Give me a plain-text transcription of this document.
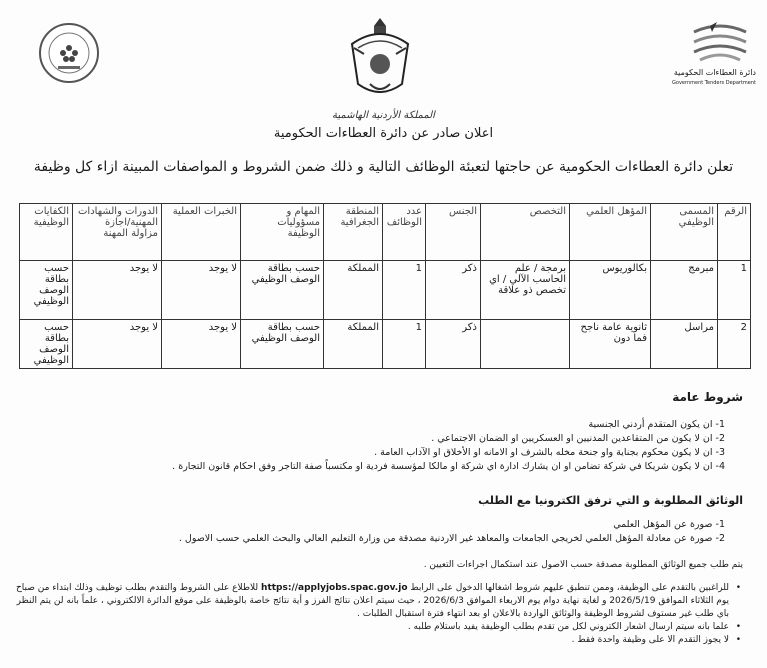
دائرة العطاءات الحكومية
Government Tenders Department
المملكة الأردنية الهاشمية
اعلان صادر عن دائرة العطاءات الحكومية
تعلن دائرة العطاءات الحكومية عن حاجتها لتعبئة الوظائف التالية و ذلك ضمن الشروط و المواصفات المبينة ازاء كل وظيفة
الرقم	المسمى الوظيفي	المؤهل العلمي	التخصص	الجنس	عدد الوظائف	المنطقة الجغرافية	المهام و مسؤوليات الوظيفة	الخبرات العملية	الدورات والشهادات المهنية/اجازة مزاولة المهنة	الكفايات الوظيفية
1	مبرمج	بكالوريوس	برمجة / علم الحاسب الآلي / اي تخصص ذو علاقة	ذكر	1	المملكة	حسب بطاقة الوصف الوظيفي	لا يوجد	لا يوجد	حسب بطاقة الوصف الوظيفي
2	مراسل	ثانوية عامة ناجح فما دون		ذكر	1	المملكة	حسب بطاقة الوصف الوظيفي	لا يوجد	لا يوجد	حسب بطاقة الوصف الوظيفي
شروط عامة
1- ان يكون المتقدم أردني الجنسية
2- ان لا يكون من المتقاعدين المدنيين او العسكريين او الضمان الاجتماعي .
3- ان لا يكون محكوم بجناية واو جنحة مخله بالشرف او الامانه او الأخلاق او الآداب العامة .
4- ان لا يكون شريكا في شركة تضامن او ان يشارك ادارة اي شركة او مالكا لمؤسسة فردية او مكتسباً صفة التاجر وفق احكام قانون التجارة .
الوثائق المطلوبة و التي ترفق الكترونيا مع الطلب
1- صورة عن المؤهل العلمي
2- صورة عن معادلة المؤهل العلمي لخريجي الجامعات والمعاهد غير الاردنية مصدقة من وزارة التعليم العالي والبحث العلمي حسب الاصول .
يتم طلب جميع الوثائق المطلوبة مصدقة حسب الاصول عند استكمال اجراءات التعيين .
• للراغبين بالتقدم على الوظيفة، وممن تنطبق عليهم شروط اشغالها الدخول على الرابط https://applyjobs.spac.gov.jo للاطلاع على الشروط والتقدم بطلب توظيف وذلك ابتداء من صباح يوم الثلاثاء الموافق 2026/5/19 و لغاية نهاية دوام يوم الاربعاء الموافق 2026/6/3 ، حيث سيتم اعلان نتائج الفرز و أية نتائج خاصة بالوظيفة على موقع الدائرة الالكتروني ، علماً بانه لن يتم النظر باي طلب غير مستوف لشروط الوظيفة والوثائق الواردة بالاعلان او بعد انتهاء فترة استقبال الطلبات .
• علما بانه سيتم ارسال اشعار الكتروني لكل من تقدم بطلب الوظيفة يفيد باستلام طلبه .
• لا يجوز التقدم الا على وظيفة واحدة فقط .
